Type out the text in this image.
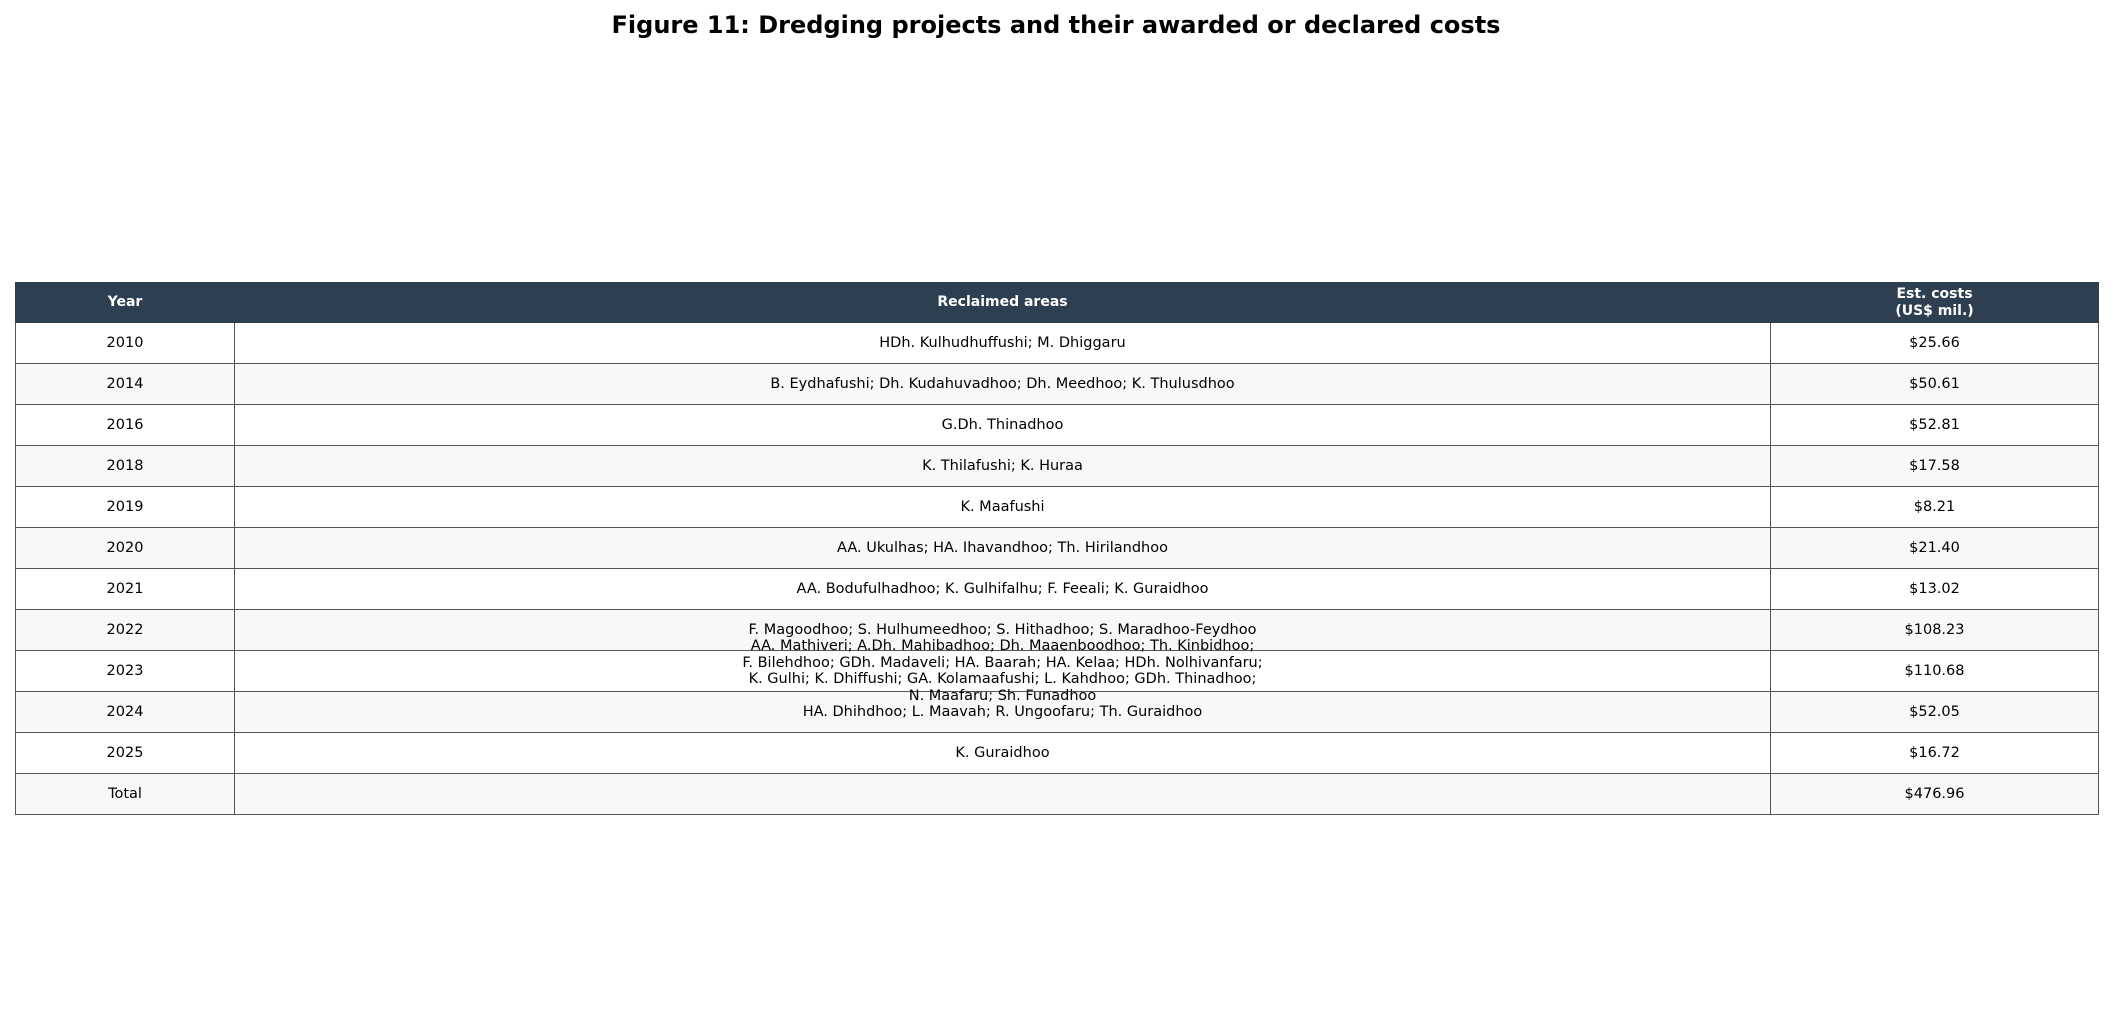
Figure 11: Dredging projects and their awarded or declared costs
Year	Reclaimed areas	Est. costs
(US$ mil.)
2010	HDh. Kulhudhuffushi; M. Dhiggaru	$25.66
2014	B. Eydhafushi; Dh. Kudahuvadhoo; Dh. Meedhoo; K. Thulusdhoo	$50.61
2016	G.Dh. Thinadhoo	$52.81
2018	K. Thilafushi; K. Huraa	$17.58
2019	K. Maafushi	$8.21
2020	AA. Ukulhas; HA. Ihavandhoo; Th. Hirilandhoo	$21.40
2021	AA. Bodufulhadhoo; K. Gulhifalhu; F. Feeali; K. Guraidhoo	$13.02
2022	F. Magoodhoo; S. Hulhumeedhoo; S. Hithadhoo; S. Maradhoo-Feydhoo	$108.23
2023	AA. Mathiveri; A.Dh. Mahibadhoo; Dh. Maaenboodhoo; Th. Kinbidhoo;
F. Bilehdhoo; GDh. Madaveli; HA. Baarah; HA. Kelaa; HDh. Nolhivanfaru;
K. Gulhi; K. Dhiffushi; GA. Kolamaafushi; L. Kahdhoo; GDh. Thinadhoo;
N. Maafaru; Sh. Funadhoo	$110.68
2024	HA. Dhihdhoo; L. Maavah; R. Ungoofaru; Th. Guraidhoo	$52.05
2025	K. Guraidhoo	$16.72
Total		$476.96
